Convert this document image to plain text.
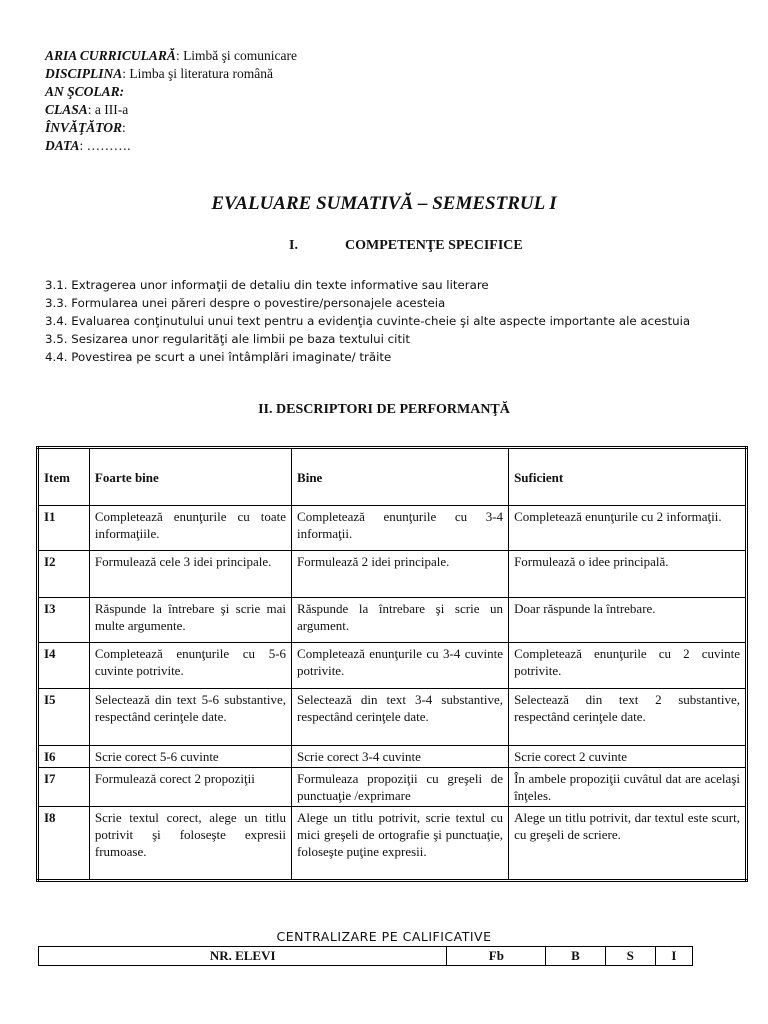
ARIA CURRICULARĂ: Limbă şi comunicare
DISCIPLINA: Limba şi literatura română
AN ŞCOLAR:
CLASA: a III-a
ÎNVĂŢĂTOR:
DATA: ……….
EVALUARE SUMATIVĂ – SEMESTRUL I
I.	COMPETENŢE SPECIFICE
3.1. Extragerea unor informaţii de detaliu din texte informative sau literare
3.3. Formularea unei păreri despre o povestire/personajele acesteia
3.4. Evaluarea conţinutului unui text pentru a evidenţia cuvinte-cheie şi alte aspecte importante ale acestuia
3.5. Sesizarea unor regularităţi ale limbii pe baza textului citit
4.4. Povestirea pe scurt a unei întâmplări imaginate/ trăite
II. DESCRIPTORI DE PERFORMANŢĂ
Item	Foarte bine	Bine	Suficient
I1	Completează enunţurile cu toate informaţiile.	Completează enunţurile cu 3-4 informaţii.	Completează enunţurile cu 2 informaţii.
I2	Formulează cele 3 idei principale.	Formulează 2 idei principale.	Formulează o idee principală.
I3	Răspunde la întrebare şi scrie mai multe argumente.	Răspunde la întrebare şi scrie un argument.	Doar răspunde la întrebare.
I4	Completează enunţurile cu 5-6 cuvinte potrivite.	Completează enunţurile cu 3-4 cuvinte potrivite.	Completează enunţurile cu 2 cuvinte potrivite.
I5	Selectează din text 5-6 substantive, respectând cerinţele date.	Selectează din text 3-4 substantive, respectând cerinţele date.	Selectează din text 2 substantive, respectând cerinţele date.
I6	Scrie corect 5-6 cuvinte	Scrie corect 3-4 cuvinte	Scrie corect 2 cuvinte
I7	Formulează corect 2 propoziţii	Formuleaza propoziţii cu greşeli de punctuaţie /exprimare	În ambele propoziţii cuvâtul dat are acelaşi înţeles.
I8	Scrie textul corect, alege un titlu potrivit şi foloseşte expresii frumoase.	Alege un titlu potrivit, scrie textul cu mici greşeli de ortografie şi punctuaţie, foloseşte puţine expresii.	Alege un titlu potrivit, dar textul este scurt, cu greşeli de scriere.
CENTRALIZARE PE CALIFICATIVE
NR. ELEVI	Fb	B	S	I
